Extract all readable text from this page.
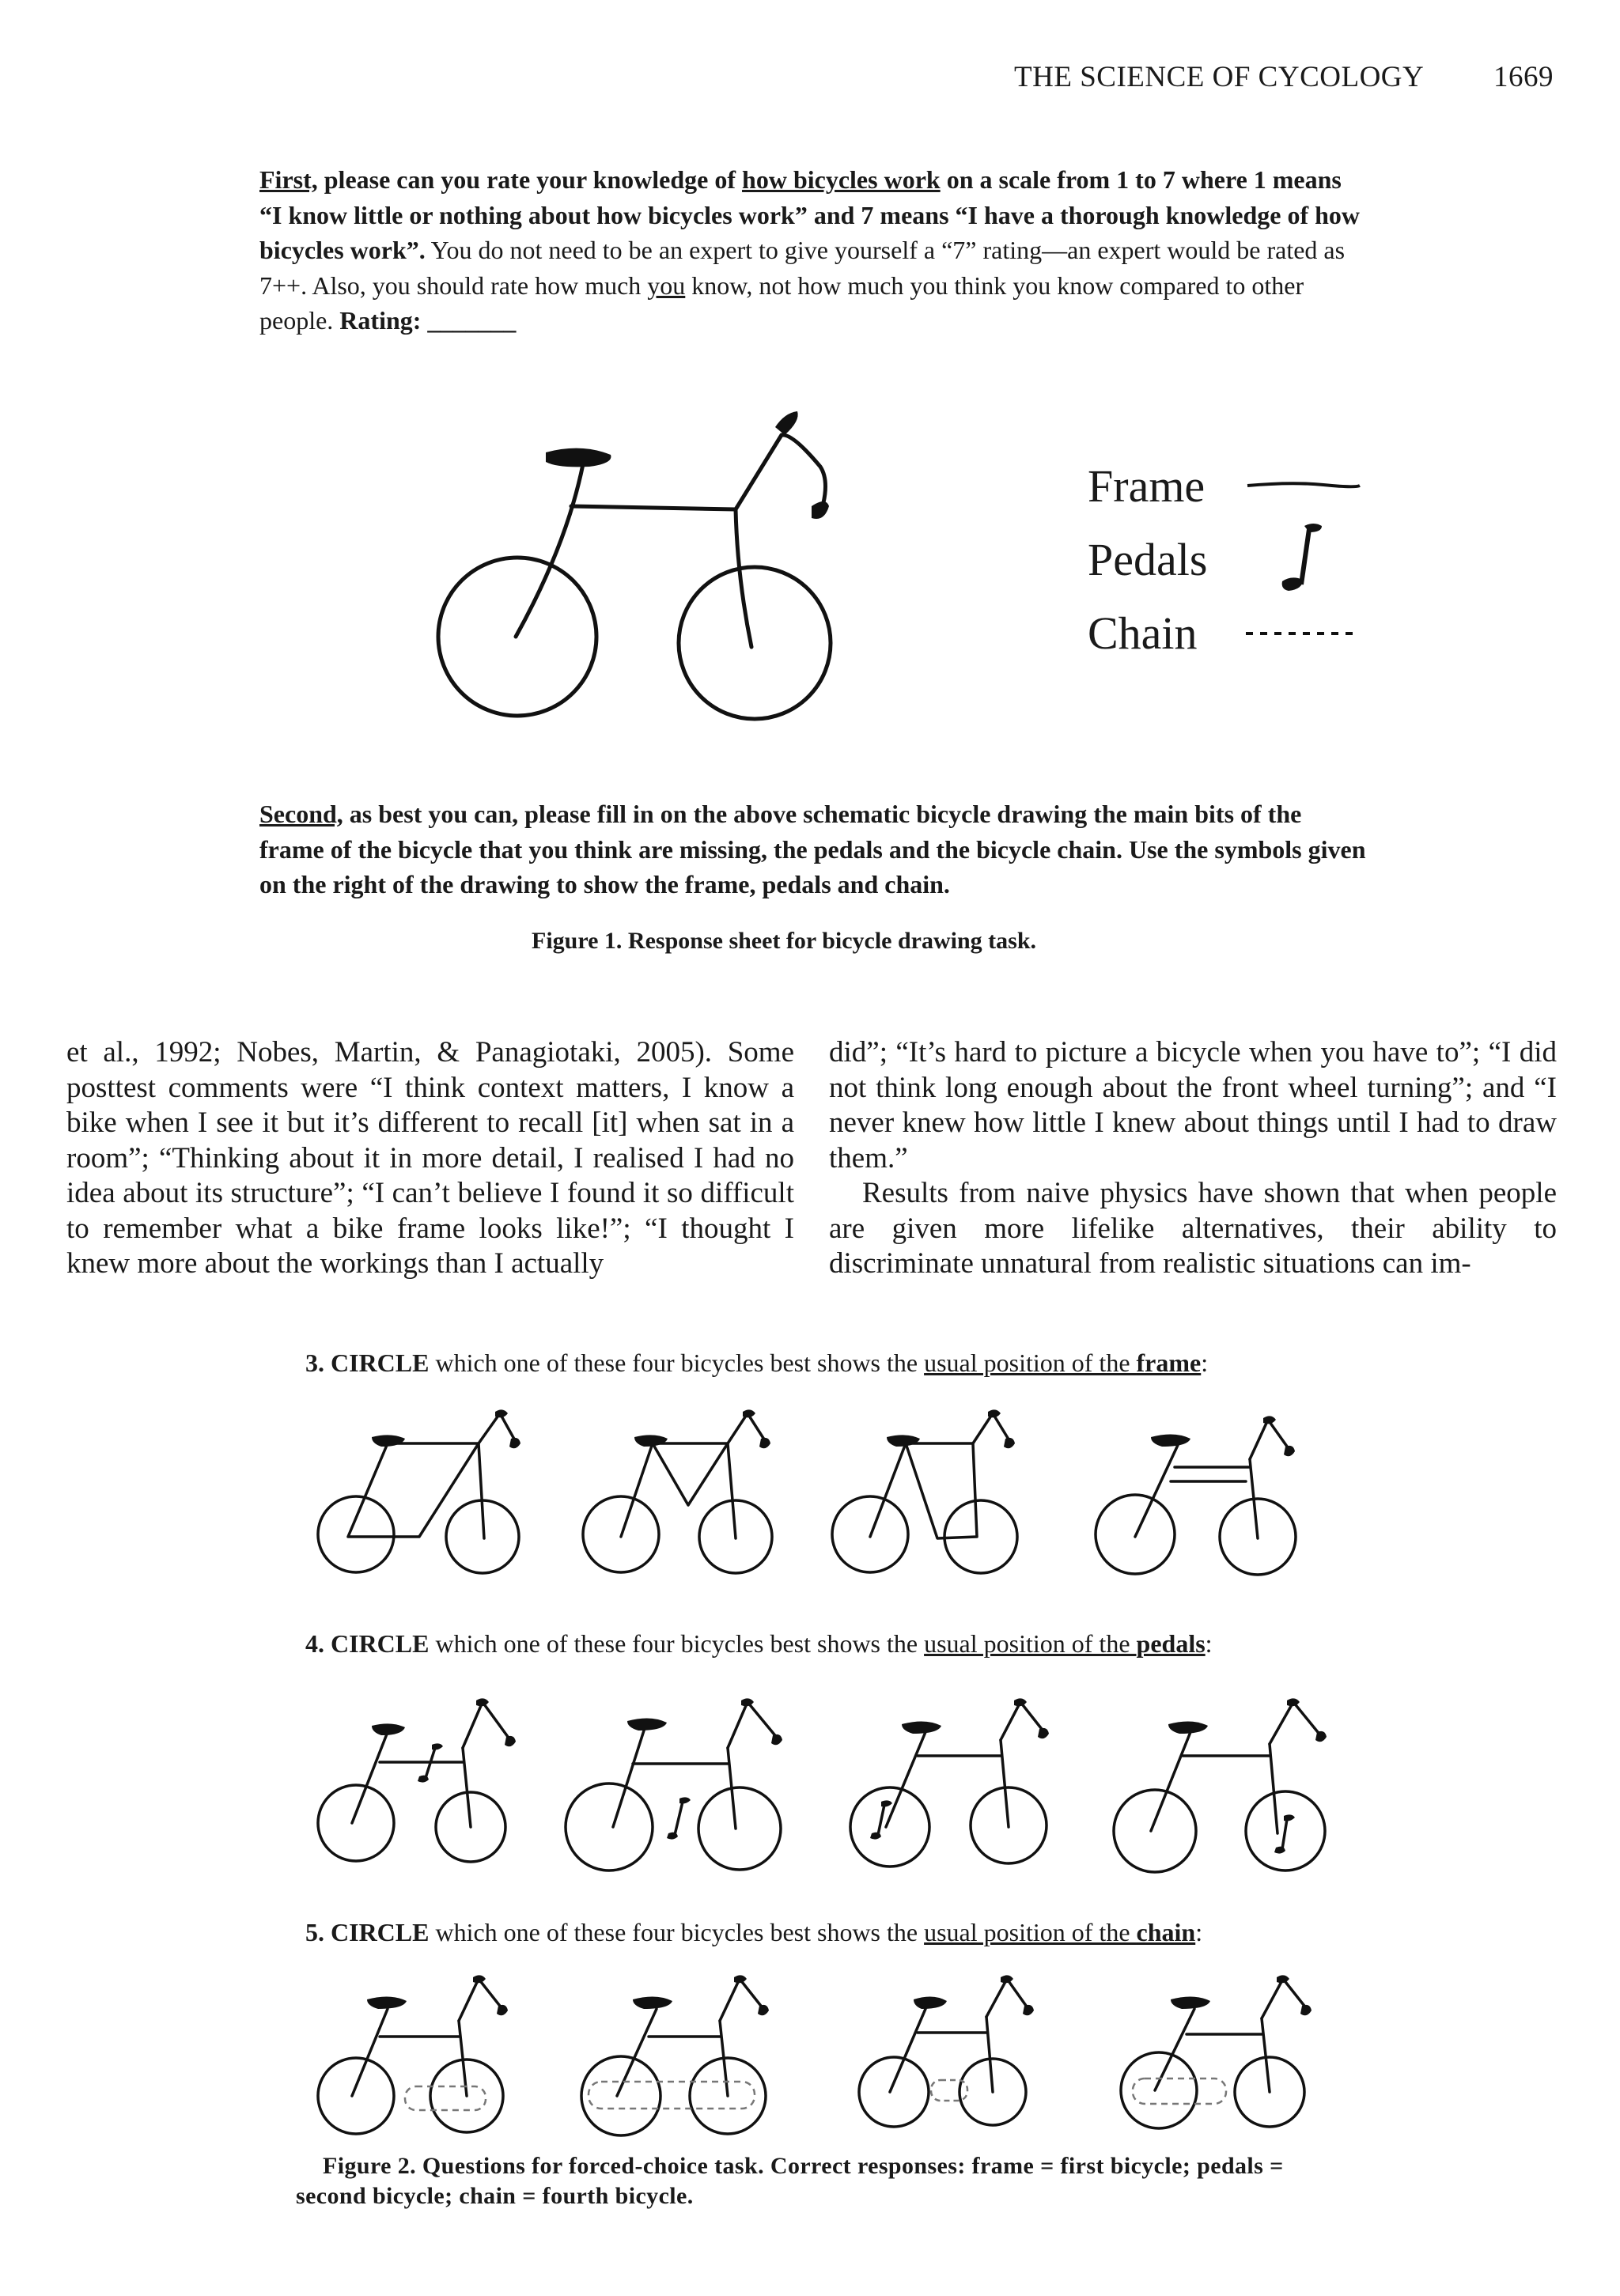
THE SCIENCE OF CYCOLOGY 1669
First, please can you rate your knowledge of how bicycles work on a scale from 1 to 7 where 1 means “I know little or nothing about how bicycles work” and 7 means “I have a thorough knowledge of how bicycles work”. You do not need to be an expert to give yourself a “7” rating—an expert would be rated as 7++. Also, you should rate how much you know, not how much you think you know compared to other people. Rating: _______
Frame
Pedals
Chain
Second, as best you can, please fill in on the above schematic bicycle drawing the main bits of the frame of the bicycle that you think are missing, the pedals and the bicycle chain. Use the symbols given on the right of the drawing to show the frame, pedals and chain.
Figure 1. Response sheet for bicycle drawing task.

et al., 1992; Nobes, Martin, & Panagiotaki, 2005). Some posttest comments were “I think context matters, I know a bike when I see it but it’s different to recall [it] when sat in a room”; “Thinking about it in more detail, I realised I had no idea about its structure”; “I can’t believe I found it so difficult to remember what a bike frame looks like!”; “I thought I knew more about the workings than I actually

did”; “It’s hard to picture a bicycle when you have to”; “I did not think long enough about the front wheel turning”; and “I never knew how little I knew about things until I had to draw them.”

Results from naive physics have shown that when people are given more lifelike alternatives, their ability to discriminate unnatural from realistic situations can im-

3. CIRCLE which one of these four bicycles best shows the usual position of the frame:
4. CIRCLE which one of these four bicycles best shows the usual position of the pedals:
5. CIRCLE which one of these four bicycles best shows the usual position of the chain:
Figure 2. Questions for forced-choice task. Correct responses: frame = first bicycle; pedals = second bicycle; chain = fourth bicycle.
